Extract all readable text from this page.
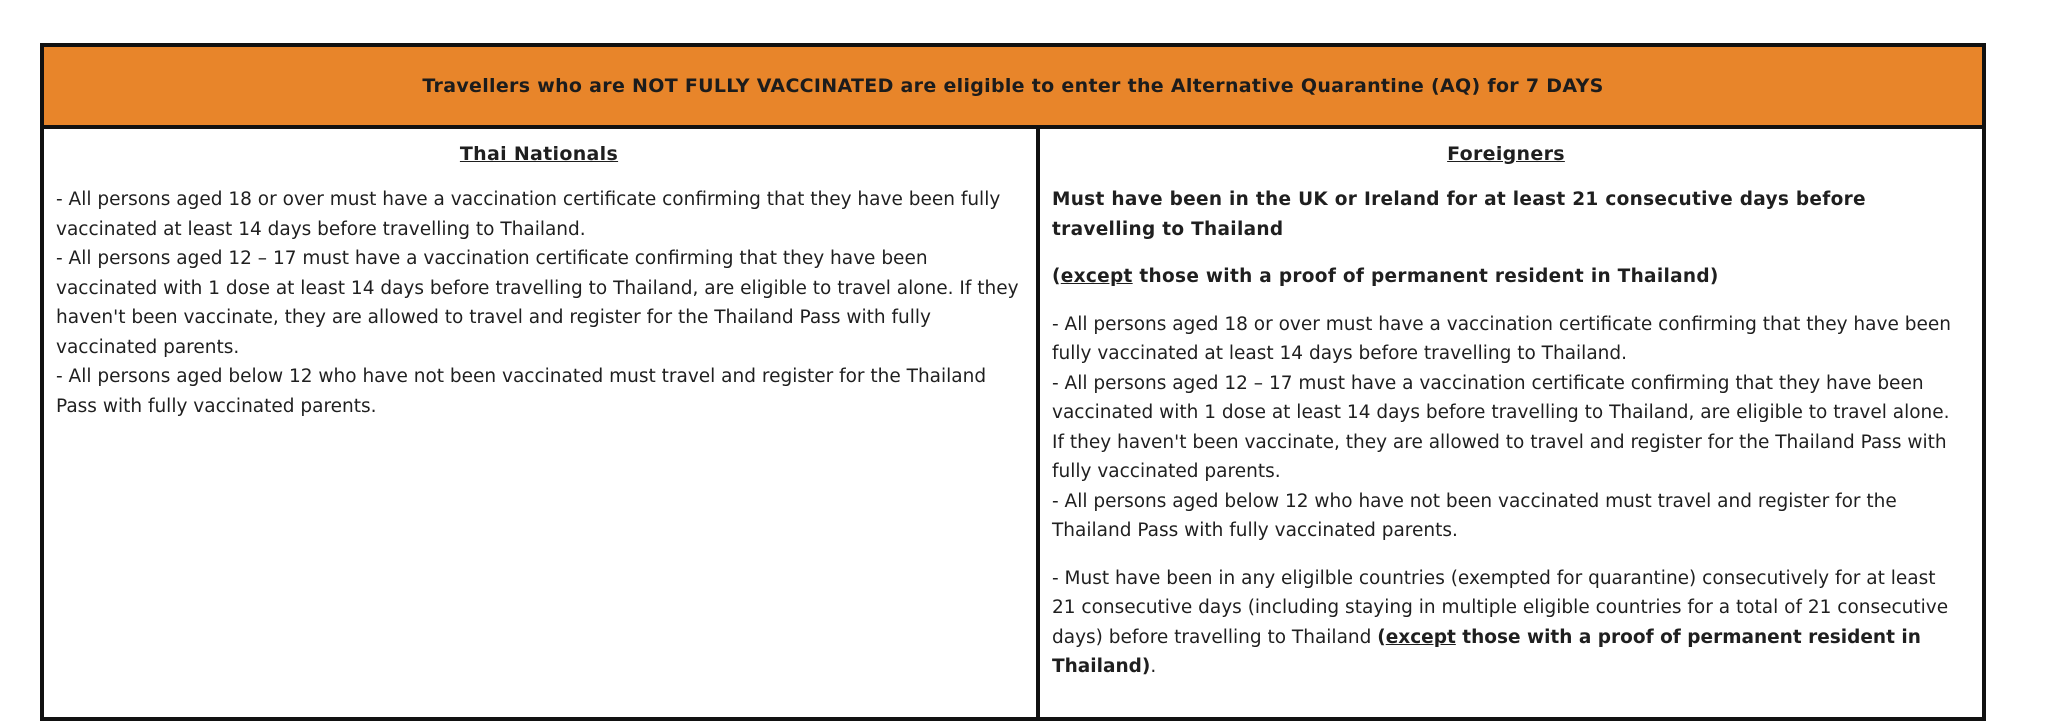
Travellers who are NOT FULLY VACCINATED are eligible to enter the Alternative Quarantine (AQ) for 7 DAYS
Thai Nationals

- All persons aged 18 or over must have a vaccination certificate confirming that they have been fully vaccinated at least 14 days before travelling to Thailand.
- All persons aged 12 – 17 must have a vaccination certificate confirming that they have been vaccinated with 1 dose at least 14 days before travelling to Thailand, are eligible to travel alone. If they haven't been vaccinate, they are allowed to travel and register for the Thailand Pass with fully vaccinated parents.
- All persons aged below 12 who have not been vaccinated must travel and register for the Thailand Pass with fully vaccinated parents.

Foreigners

Must have been in the UK or Ireland for at least 21 consecutive days before travelling to Thailand

(except those with a proof of permanent resident in Thailand)

- All persons aged 18 or over must have a vaccination certificate confirming that they have been fully vaccinated at least 14 days before travelling to Thailand.
- All persons aged 12 – 17 must have a vaccination certificate confirming that they have been vaccinated with 1 dose at least 14 days before travelling to Thailand, are eligible to travel alone. If they haven't been vaccinate, they are allowed to travel and register for the Thailand Pass with fully vaccinated parents.
- All persons aged below 12 who have not been vaccinated must travel and register for the Thailand Pass with fully vaccinated parents.

- Must have been in any eligilble countries (exempted for quarantine) consecutively for at least 21 consecutive days (including staying in multiple eligible countries for a total of 21 consecutive days) before travelling to Thailand (except those with a proof of permanent resident in Thailand).
